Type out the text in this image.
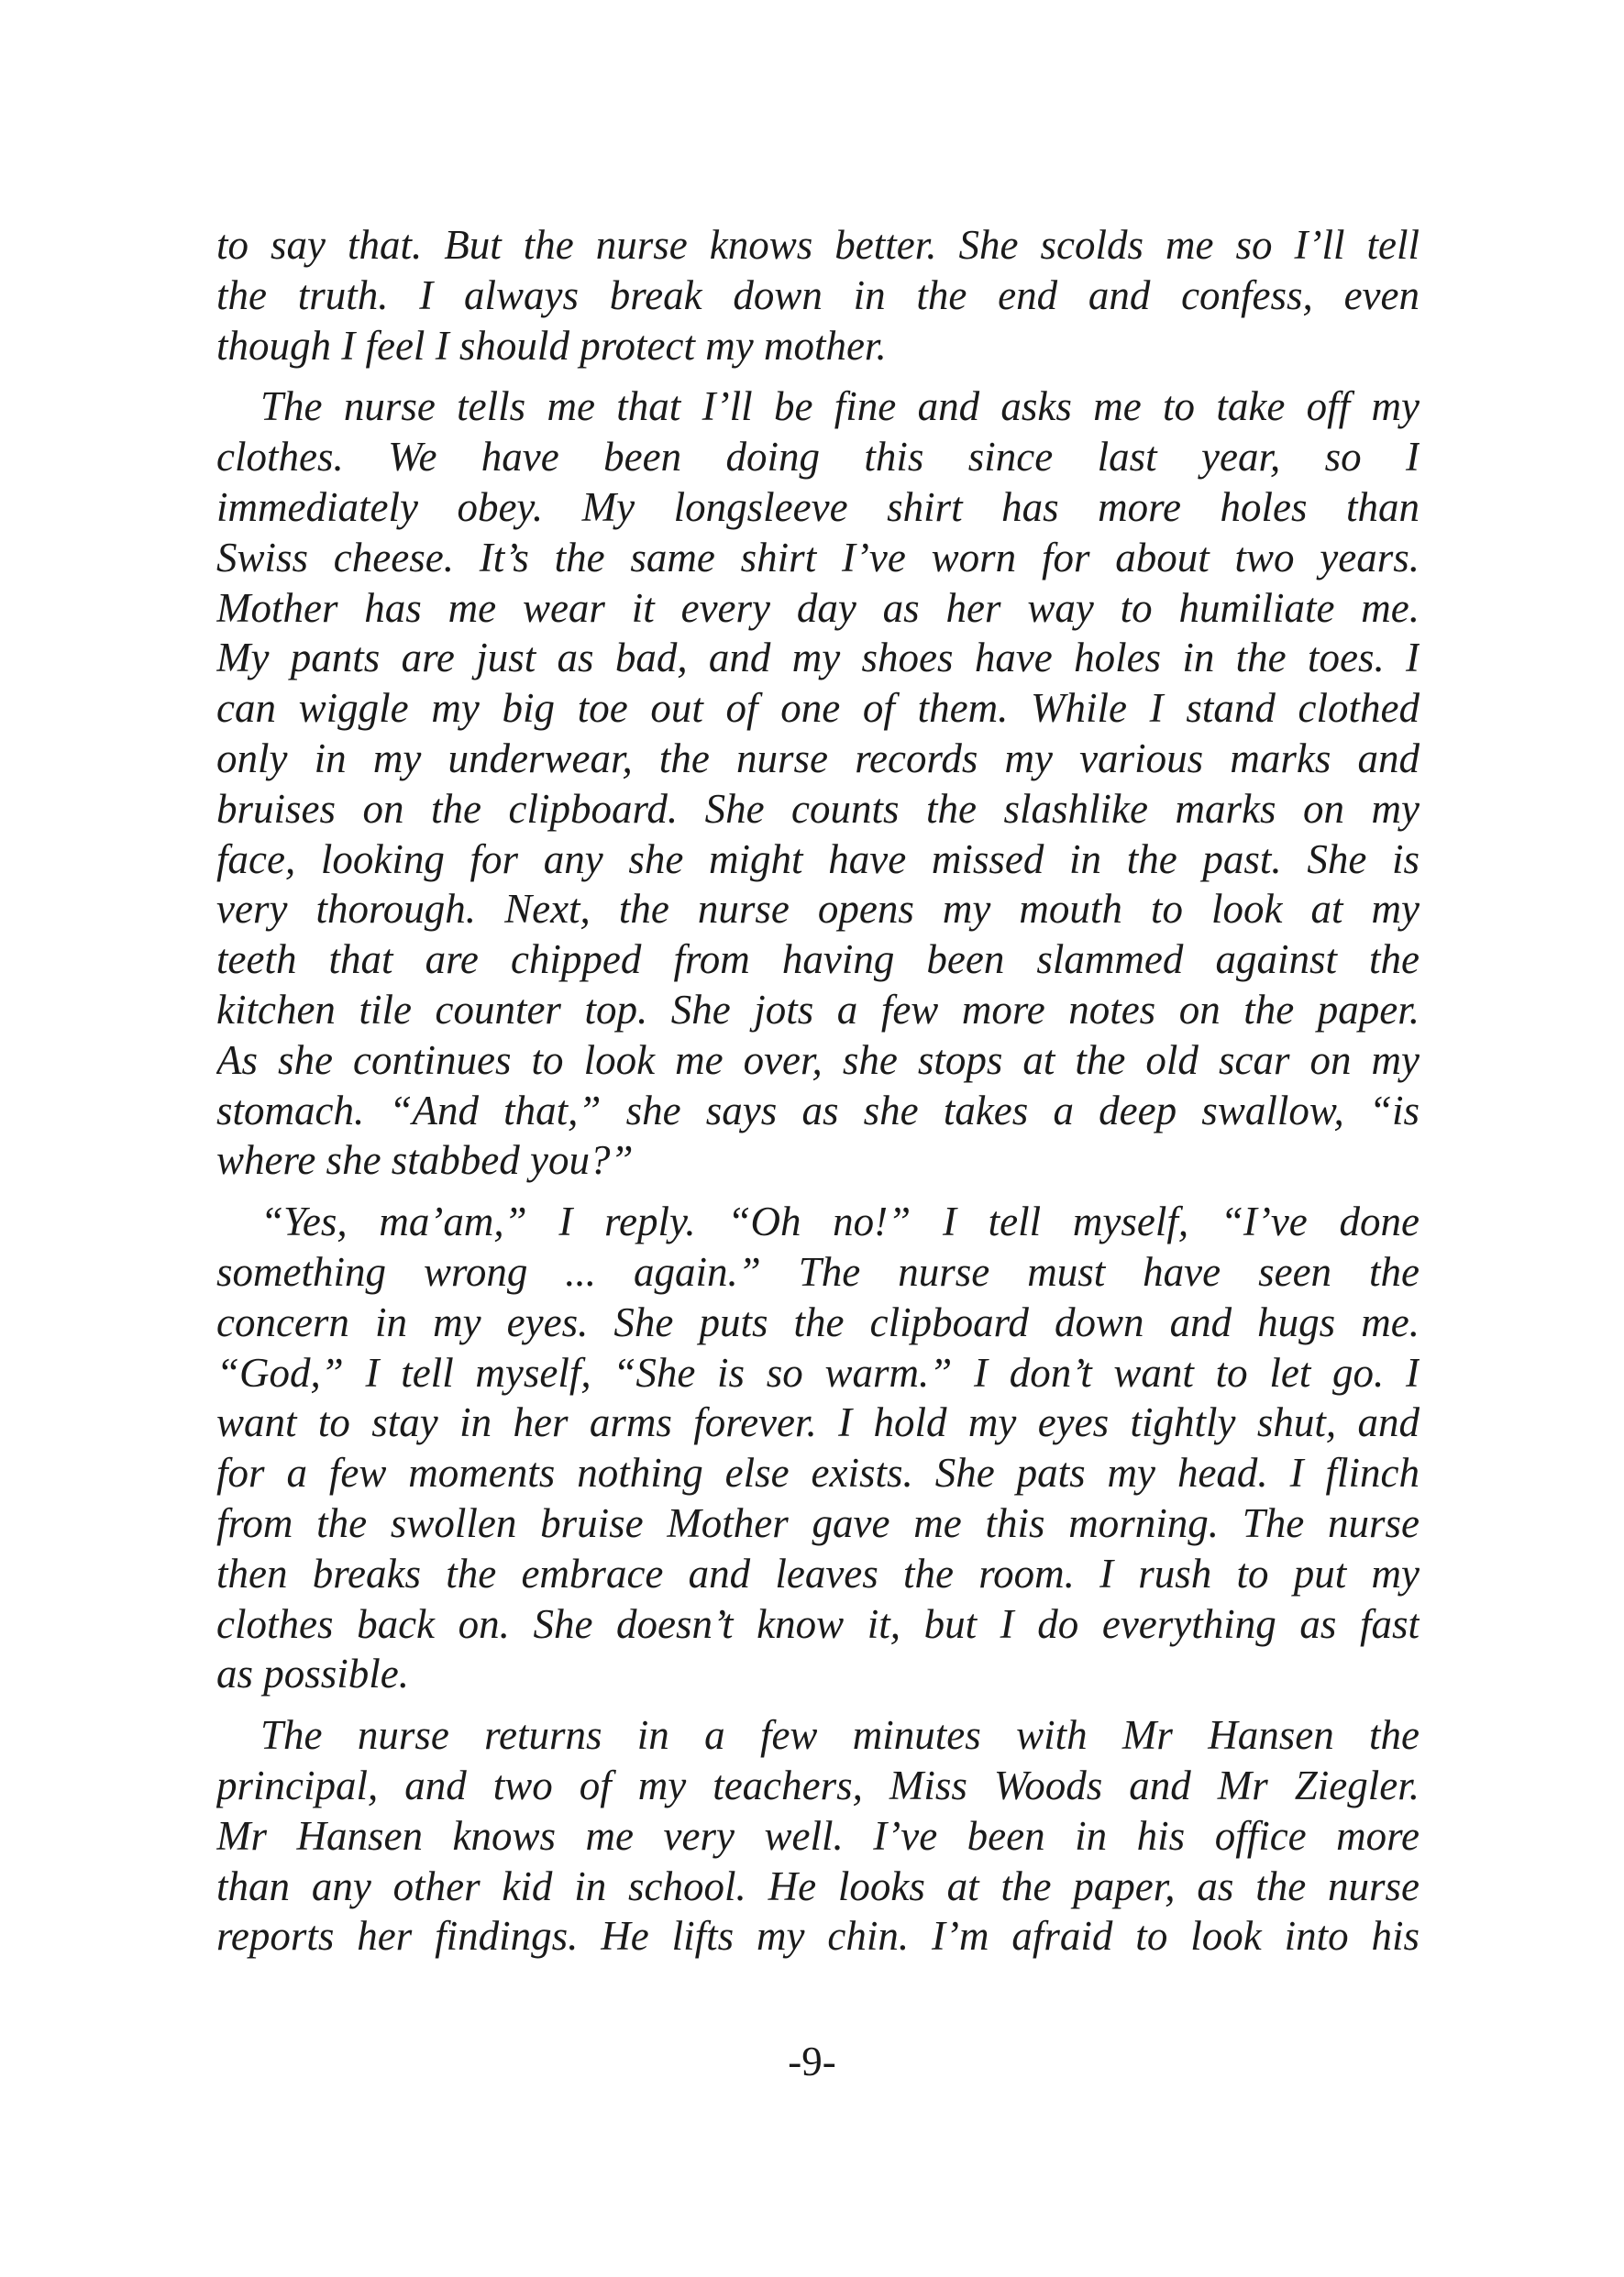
to say that. But the nurse knows better. She scolds me so I’ll tell
the truth. I always break down in the end and confess, even
though I feel I should protect my mother.
The nurse tells me that I’ll be fine and asks me to take off my
clothes. We have been doing this since last year, so I
immediately obey. My longsleeve shirt has more holes than
Swiss cheese. It’s the same shirt I’ve worn for about two years.
Mother has me wear it every day as her way to humiliate me.
My pants are just as bad, and my shoes have holes in the toes. I
can wiggle my big toe out of one of them. While I stand clothed
only in my underwear, the nurse records my various marks and
bruises on the clipboard. She counts the slashlike marks on my
face, looking for any she might have missed in the past. She is
very thorough. Next, the nurse opens my mouth to look at my
teeth that are chipped from having been slammed against the
kitchen tile counter top. She jots a few more notes on the paper.
As she continues to look me over, she stops at the old scar on my
stomach. “And that,” she says as she takes a deep swallow, “is
where she stabbed you?”
“Yes, ma’am,” I reply. “Oh no!” I tell myself, “I’ve done
something wrong ... again.” The nurse must have seen the
concern in my eyes. She puts the clipboard down and hugs me.
“God,” I tell myself, “She is so warm.” I don’t want to let go. I
want to stay in her arms forever. I hold my eyes tightly shut, and
for a few moments nothing else exists. She pats my head. I flinch
from the swollen bruise Mother gave me this morning. The nurse
then breaks the embrace and leaves the room. I rush to put my
clothes back on. She doesn’t know it, but I do everything as fast
as possible.
The nurse returns in a few minutes with Mr Hansen the
principal, and two of my teachers, Miss Woods and Mr Ziegler.
Mr Hansen knows me very well. I’ve been in his office more
than any other kid in school. He looks at the paper, as the nurse
reports her findings. He lifts my chin. I’m afraid to look into his
-9-
